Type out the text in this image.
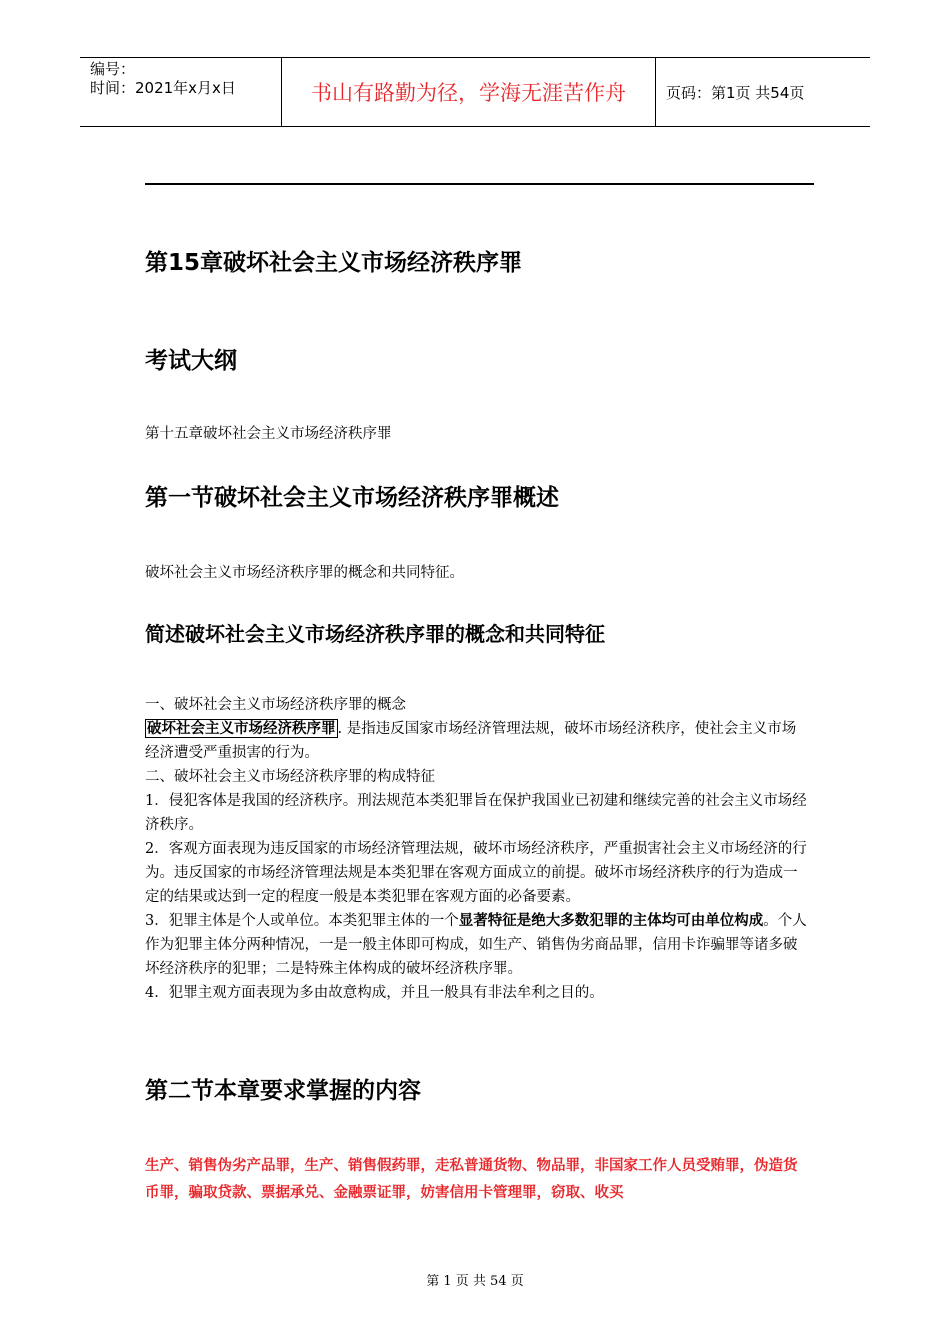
编号：
时间：2021年x月x日	书山有路勤为径，学海无涯苦作舟	页码：第1页 共54页
第15章破坏社会主义市场经济秩序罪
考试大纲
第十五章破坏社会主义市场经济秩序罪
第一节破坏社会主义市场经济秩序罪概述
破坏社会主义市场经济秩序罪的概念和共同特征。
简述破坏社会主义市场经济秩序罪的概念和共同特征
一、破坏社会主义市场经济秩序罪的概念
破坏社会主义市场经济秩序罪 . 是指违反国家市场经济管理法规，破坏市场经济秩序，使社会主义市场经济遭受严重损害的行为。
二、破坏社会主义市场经济秩序罪的构成特征
1．侵犯客体是我国的经济秩序。刑法规范本类犯罪旨在保护我国业已初建和继续完善的社会主义市场经济秩序。
2．客观方面表现为违反国家的市场经济管理法规，破坏市场经济秩序，严重损害社会主义市场经济的行为。违反国家的市场经济管理法规是本类犯罪在客观方面成立的前提。破坏市场经济秩序的行为造成一定的结果或达到一定的程度一般是本类犯罪在客观方面的必备要素。
3．犯罪主体是个人或单位。本类犯罪主体的一个显著特征是绝大多数犯罪的主体均可由单位构成。个人作为犯罪主体分两种情况，一是一般主体即可构成，如生产、销售伪劣商品罪，信用卡诈骗罪等诸多破坏经济秩序的犯罪；二是特殊主体构成的破坏经济秩序罪。
4．犯罪主观方面表现为多由故意构成，并且一般具有非法牟利之目的。
第二节本章要求掌握的内容
生产、销售伪劣产品罪，生产、销售假药罪，走私普通货物、物品罪，非国家工作人员受贿罪，伪造货币罪，骗取贷款、票据承兑、金融票证罪，妨害信用卡管理罪，窃取、收买
第 1 页 共 54 页
